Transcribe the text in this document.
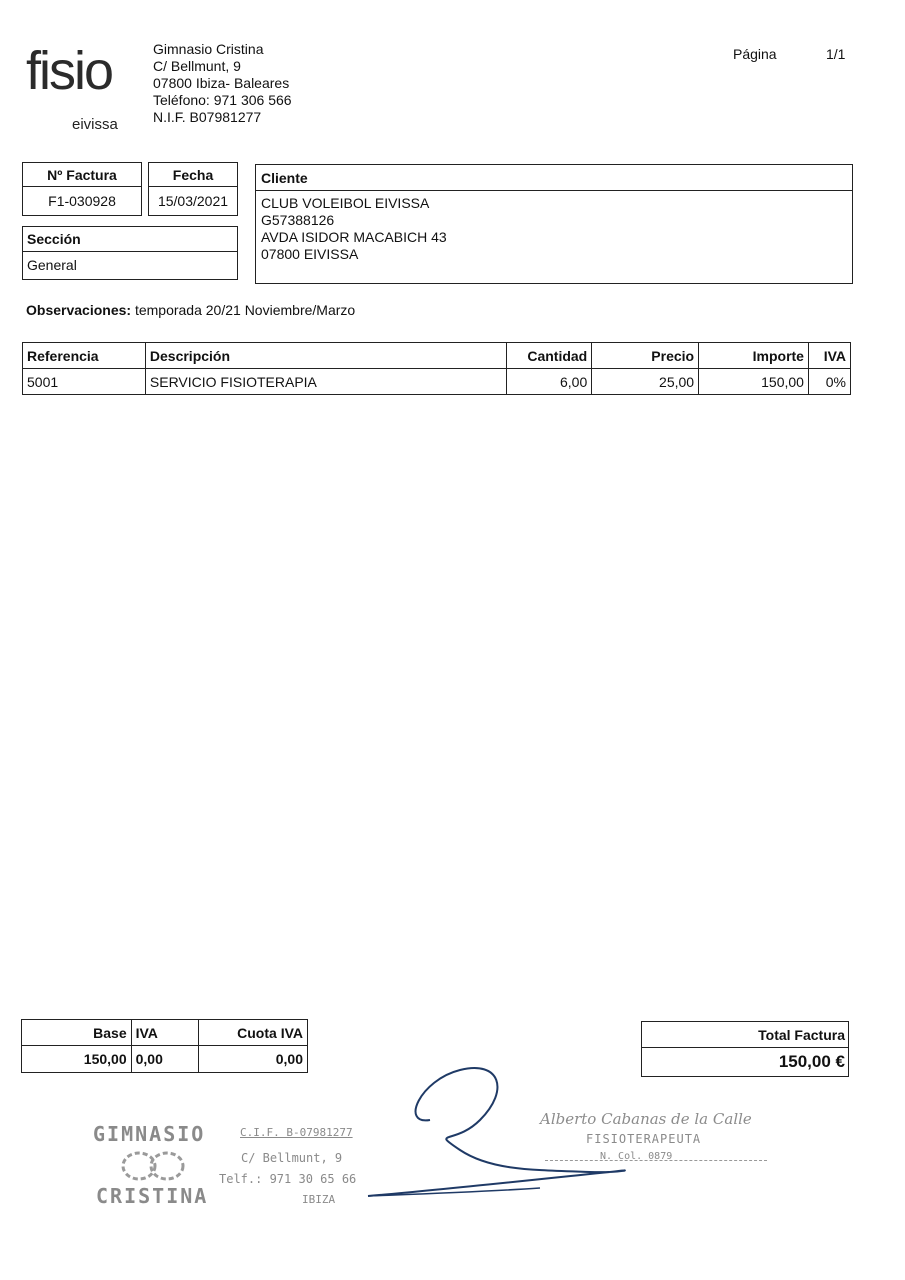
fisio
eivissa
Gimnasio Cristina
C/ Bellmunt, 9
07800 Ibiza- Baleares
Teléfono: 971 306 566
N.I.F. B07981277
Página	1/1
Nº Factura
F1-030928
Fecha
15/03/2021
Sección
General
Cliente
CLUB VOLEIBOL EIVISSA
G57388126
AVDA ISIDOR MACABICH 43
07800 EIVISSA
Observaciones: temporada 20/21 Noviembre/Marzo
Referencia	Descripción	Cantidad	Precio	Importe	IVA
5001	SERVICIO FISIOTERAPIA	6,00	25,00	150,00	0%
Base	IVA	Cuota IVA
150,00	0,00	0,00
Total Factura
150,00 €
GIMNASIO
CRISTINA
C.I.F. B-07981277
C/ Bellmunt, 9
Telf.: 971 30 65 66
IBIZA
Alberto Cabanas de la Calle
FISIOTERAPEUTA
N. Col. 0879
